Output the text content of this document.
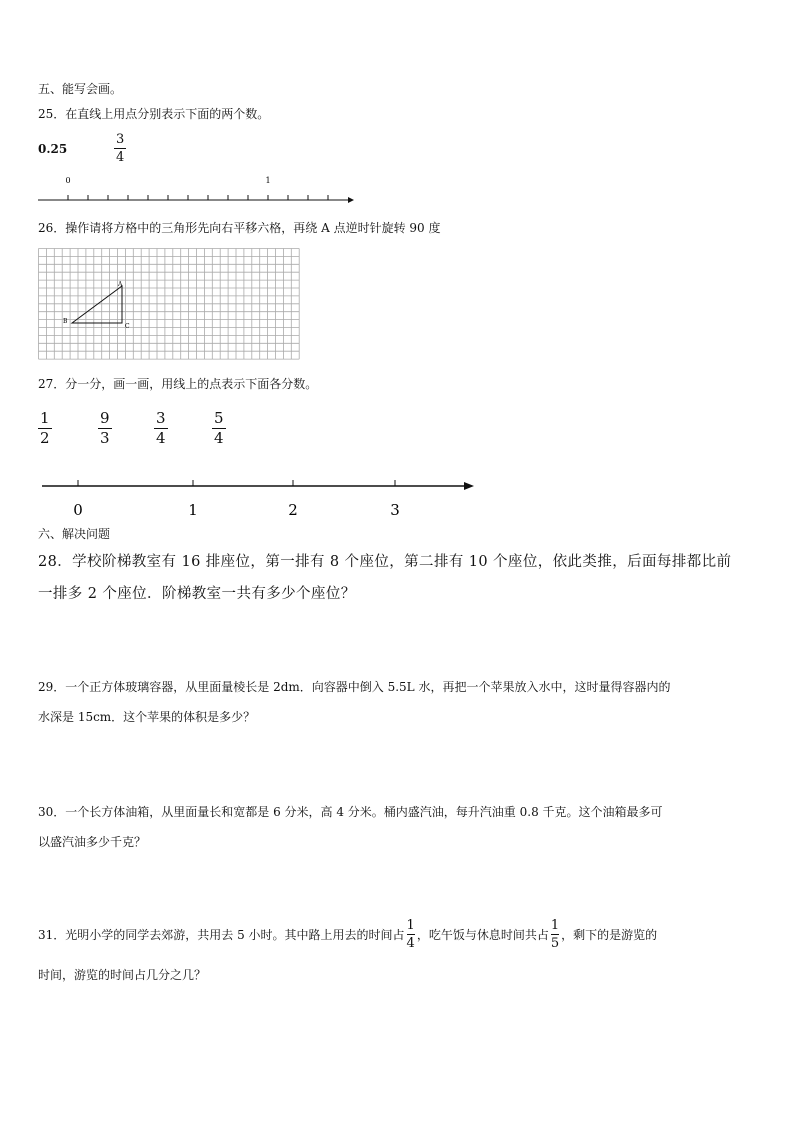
五、能写会画。
25．在直线上用点分别表示下面的两个数。
0.25	$\frac{3}{4}$
0	1
26．操作请将方格中的三角形先向右平移六格，再绕 A 点逆时针旋转 90 度
A
B
C
27．分一分，画一画，用线上的点表示下面各分数。
$\frac{1}{2}$	$\frac{9}{3}$	$\frac{3}{4}$	$\frac{5}{4}$
0	1	2	3
六、解决问题
28．学校阶梯教室有 16 排座位，第一排有 8 个座位，第二排有 10 个座位，依此类推，后面每排都比前
一排多 2 个座位．阶梯教室一共有多少个座位？
29．一个正方体玻璃容器，从里面量棱长是 2dm．向容器中倒入 5.5L 水，再把一个苹果放入水中，这时量得容器内的
水深是 15cm．这个苹果的体积是多少？
30．一个长方体油箱，从里面量长和宽都是 6 分米，高 4 分米。桶内盛汽油，每升汽油重 0.8 千克。这个油箱最多可
以盛汽油多少千克？
31．光明小学的同学去郊游，共用去 5 小时。其中路上用去的时间占 $\frac{1}{4}$ ，吃午饭与休息时间共占 $\frac{1}{5}$ ，剩下的是游览的
时间，游览的时间占几分之几？
